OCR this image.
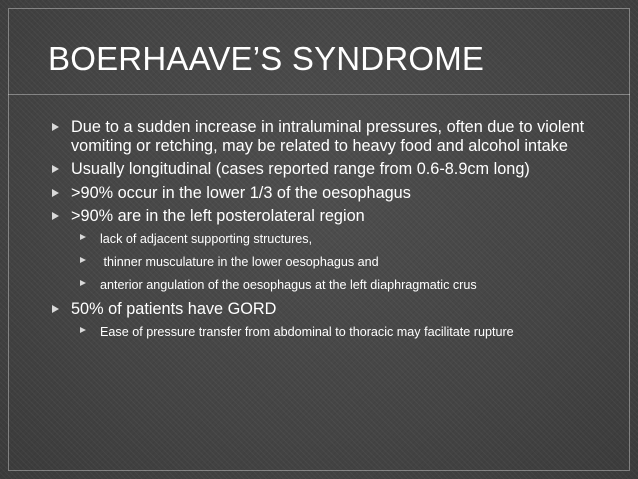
BOERHAAVE’S SYNDROME
Due to a sudden increase in intraluminal pressures, often due to violent vomiting or retching, may be related to heavy food and alcohol intake
Usually longitudinal (cases reported range from 0.6-8.9cm long)
>90% occur in the lower 1/3 of the oesophagus
>90% are in the left posterolateral region
lack of adjacent supporting structures,
thinner musculature in the lower oesophagus and
anterior angulation of the oesophagus at the left diaphragmatic crus
50% of patients have GORD
Ease of pressure transfer from abdominal to thoracic may facilitate rupture
